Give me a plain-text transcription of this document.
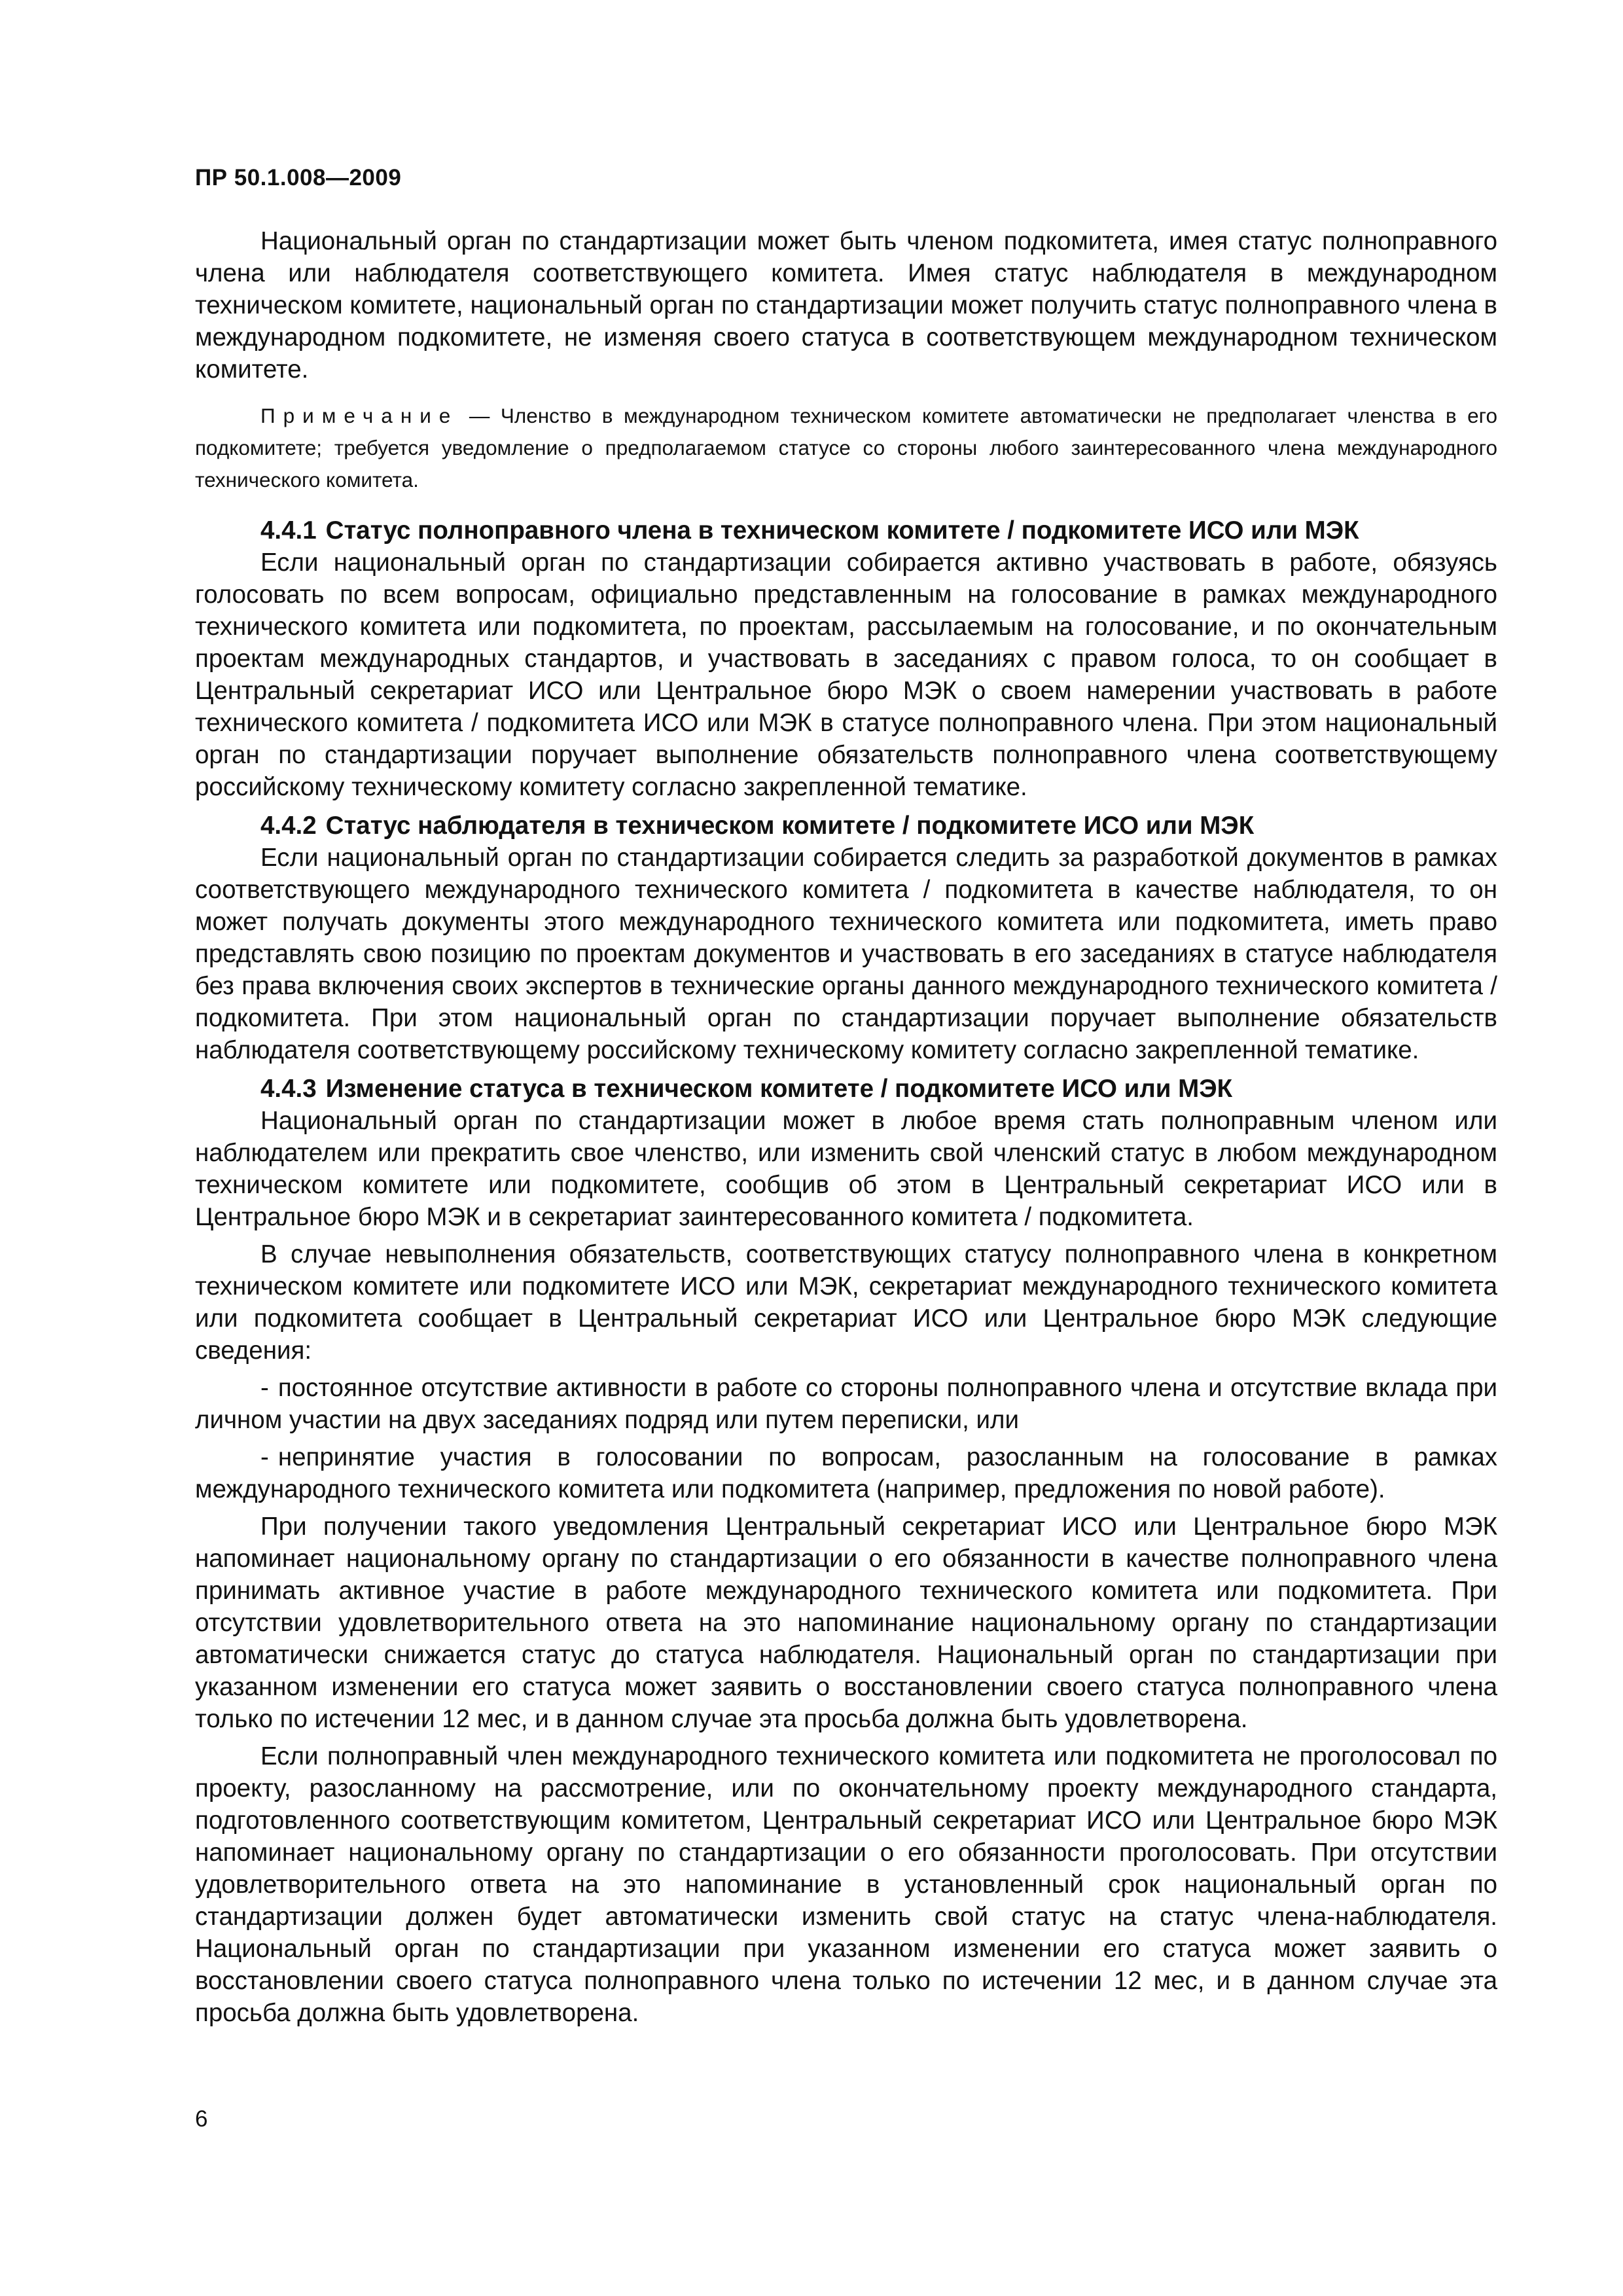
ПР 50.1.008—2009

Национальный орган по стандартизации может быть членом подкомитета, имея статус полноправного члена или наблюдателя соответствующего комитета. Имея статус наблюдателя в международном техническом комитете, национальный орган по стандартизации может получить статус полноправного члена в международном подкомитете, не изменяя своего статуса в соответствующем международном техническом комитете.

Примечание — Членство в международном техническом комитете автоматически не предполагает членства в его подкомитете; требуется уведомление о предполагаемом статусе со стороны любого заинтересованного члена международного технического комитета.

4.4.1 Статус полноправного члена в техническом комитете / подкомитете ИСО или МЭК

Если национальный орган по стандартизации собирается активно участвовать в работе, обязуясь голосовать по всем вопросам, официально представленным на голосование в рамках международного технического комитета или подкомитета, по проектам, рассылаемым на голосование, и по окончательным проектам международных стандартов, и участвовать в заседаниях с правом голоса, то он сообщает в Центральный секретариат ИСО или Центральное бюро МЭК о своем намерении участвовать в работе технического комитета / подкомитета ИСО или МЭК в статусе полноправного члена. При этом национальный орган по стандартизации поручает выполнение обязательств полноправного члена соответствующему российскому техническому комитету согласно закрепленной тематике.

4.4.2 Статус наблюдателя в техническом комитете / подкомитете ИСО или МЭК

Если национальный орган по стандартизации собирается следить за разработкой документов в рамках соответствующего международного технического комитета / подкомитета в качестве наблюдателя, то он может получать документы этого международного технического комитета или подкомитета, иметь право представлять свою позицию по проектам документов и участвовать в его заседаниях в статусе наблюдателя без права включения своих экспертов в технические органы данного международного технического комитета / подкомитета. При этом национальный орган по стандартизации поручает выполнение обязательств наблюдателя соответствующему российскому техническому комитету согласно закрепленной тематике.

4.4.3 Изменение статуса в техническом комитете / подкомитете ИСО или МЭК

Национальный орган по стандартизации может в любое время стать полноправным членом или наблюдателем или прекратить свое членство, или изменить свой членский статус в любом международном техническом комитете или подкомитете, сообщив об этом в Центральный секретариат ИСО или в Центральное бюро МЭК и в секретариат заинтересованного комитета / подкомитета.

В случае невыполнения обязательств, соответствующих статусу полноправного члена в конкретном техническом комитете или подкомитете ИСО или МЭК, секретариат международного технического комитета или подкомитета сообщает в Центральный секретариат ИСО или Центральное бюро МЭК следующие сведения:

- постоянное отсутствие активности в работе со стороны полноправного члена и отсутствие вклада при личном участии на двух заседаниях подряд или путем переписки, или

- непринятие участия в голосовании по вопросам, разосланным на голосование в рамках международного технического комитета или подкомитета (например, предложения по новой работе).

При получении такого уведомления Центральный секретариат ИСО или Центральное бюро МЭК напоминает национальному органу по стандартизации о его обязанности в качестве полноправного члена принимать активное участие в работе международного технического комитета или подкомитета. При отсутствии удовлетворительного ответа на это напоминание национальному органу по стандартизации автоматически снижается статус до статуса наблюдателя. Национальный орган по стандартизации при указанном изменении его статуса может заявить о восстановлении своего статуса полноправного члена только по истечении 12 мес, и в данном случае эта просьба должна быть удовлетворена.

Если полноправный член международного технического комитета или подкомитета не проголосовал по проекту, разосланному на рассмотрение, или по окончательному проекту международного стандарта, подготовленного соответствующим комитетом, Центральный секретариат ИСО или Центральное бюро МЭК напоминает национальному органу по стандартизации о его обязанности проголосовать. При отсутствии удовлетворительного ответа на это напоминание в установленный срок национальный орган по стандартизации должен будет автоматически изменить свой статус на статус члена-наблюдателя. Национальный орган по стандартизации при указанном изменении его статуса может заявить о восстановлении своего статуса полноправного члена только по истечении 12 мес, и в данном случае эта просьба должна быть удовлетворена.

6
